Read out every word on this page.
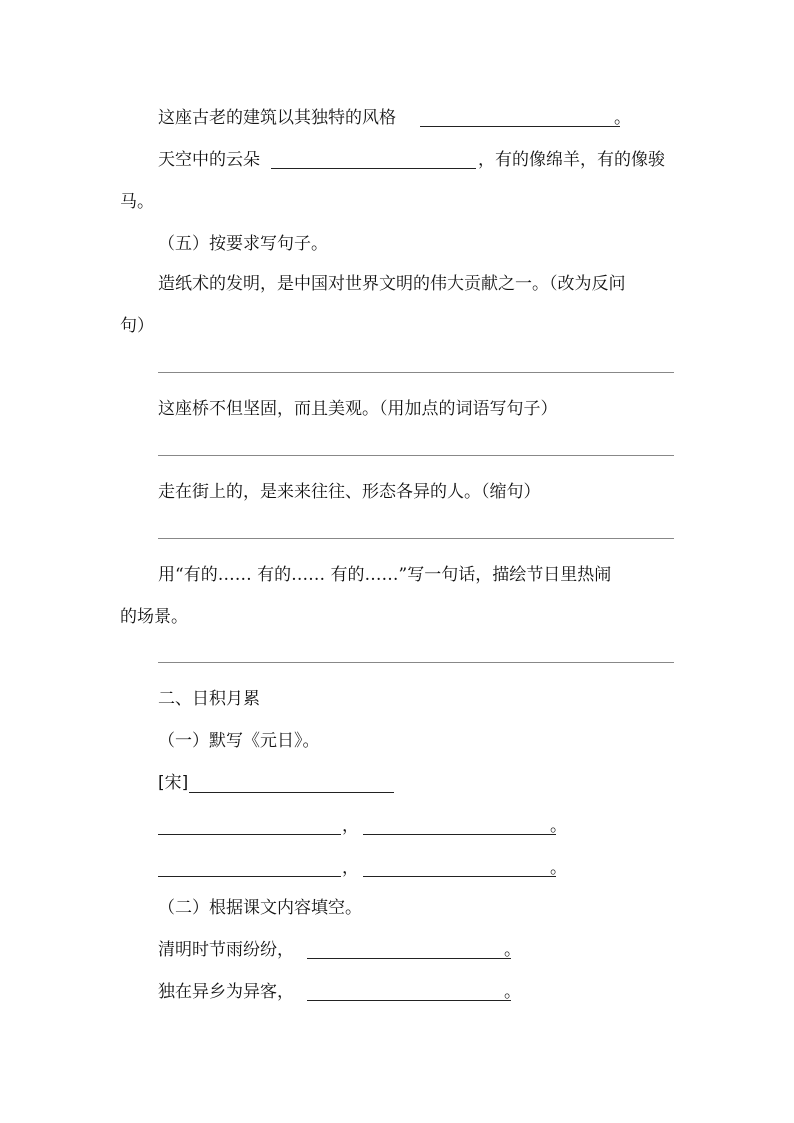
这座古老的建筑以其独特的风格	。
天空中的云朵	，有的像绵羊，有的像骏
马。
（五）按要求写句子。
造纸术的发明，是中国对世界文明的伟大贡献之一。（改为反问
句）
这座桥不但坚固，而且美观。（用加点的词语写句子）
走在街上的，是来来往往、形态各异的人。（缩句）
用“有的…… 有的…… 有的……”写一句话，描绘节日里热闹
的场景。
二、日积月累
（一）默写《元日》。
[宋]
，	。
，	。
（二）根据课文内容填空。
清明时节雨纷纷，	。
独在异乡为异客，	。
